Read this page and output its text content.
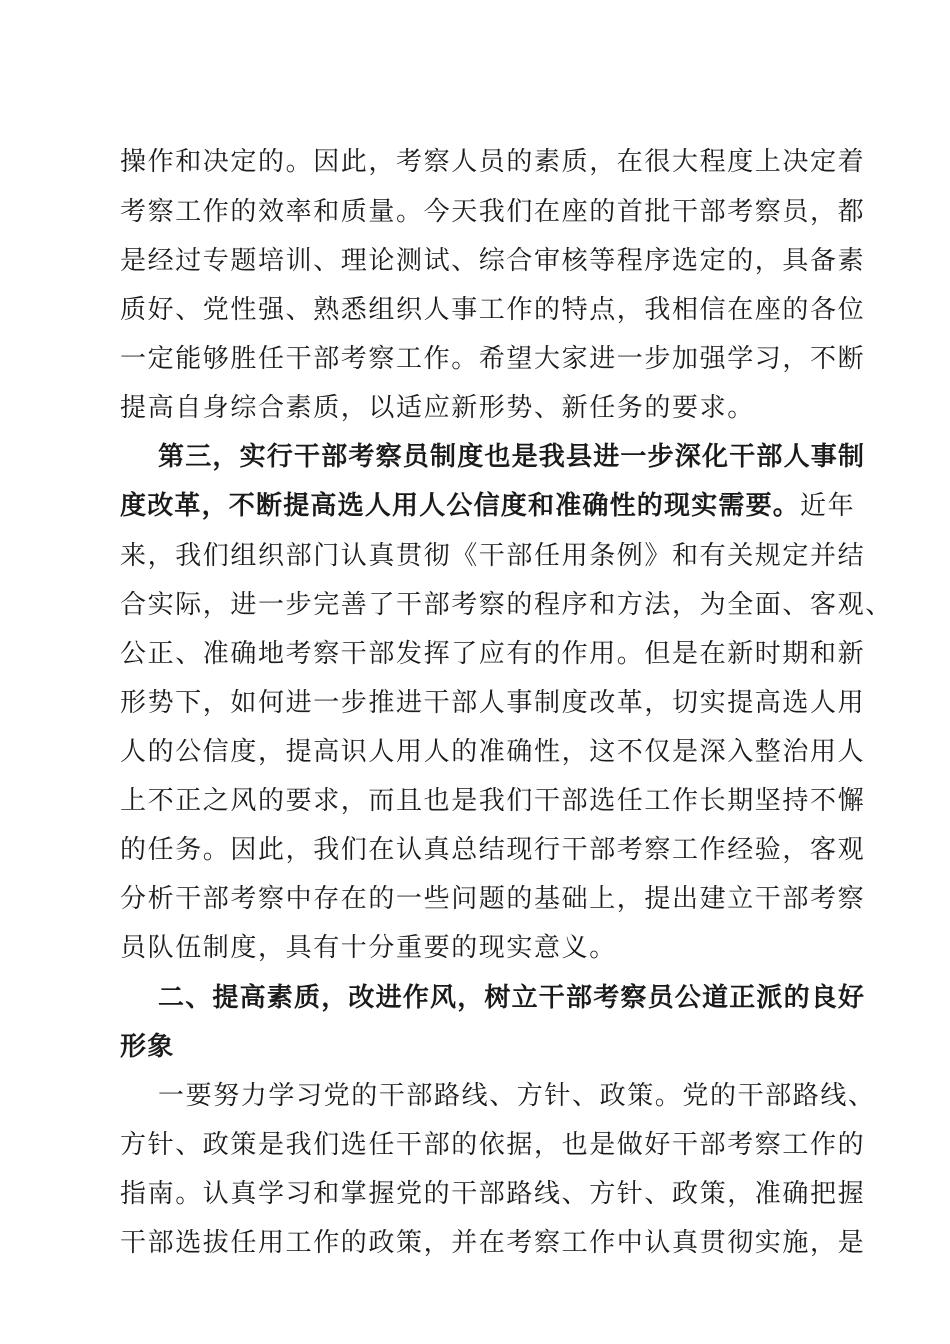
操作和决定的。因此，考察人员的素质，在很大程度上决定着
考察工作的效率和质量。今天我们在座的首批干部考察员，都
是经过专题培训、理论测试、综合审核等程序选定的，具备素
质好、党性强、熟悉组织人事工作的特点，我相信在座的各位
一定能够胜任干部考察工作。希望大家进一步加强学习，不断
提高自身综合素质，以适应新形势、新任务的要求。
第三，实行干部考察员制度也是我县进一步深化干部人事制
度改革，不断提高选人用人公信度和准确性的现实需要。近年
来，我们组织部门认真贯彻《干部任用条例》和有关规定并结
合实际，进一步完善了干部考察的程序和方法，为全面、客观、
公正、准确地考察干部发挥了应有的作用。但是在新时期和新
形势下，如何进一步推进干部人事制度改革，切实提高选人用
人的公信度，提高识人用人的准确性，这不仅是深入整治用人
上不正之风的要求，而且也是我们干部选任工作长期坚持不懈
的任务。因此，我们在认真总结现行干部考察工作经验，客观
分析干部考察中存在的一些问题的基础上，提出建立干部考察
员队伍制度，具有十分重要的现实意义。
二、提高素质，改进作风，树立干部考察员公道正派的良好
形象
一要努力学习党的干部路线、方针、政策。党的干部路线、
方针、政策是我们选任干部的依据，也是做好干部考察工作的
指南。认真学习和掌握党的干部路线、方针、政策，准确把握
干部选拔任用工作的政策，并在考察工作中认真贯彻实施，是
